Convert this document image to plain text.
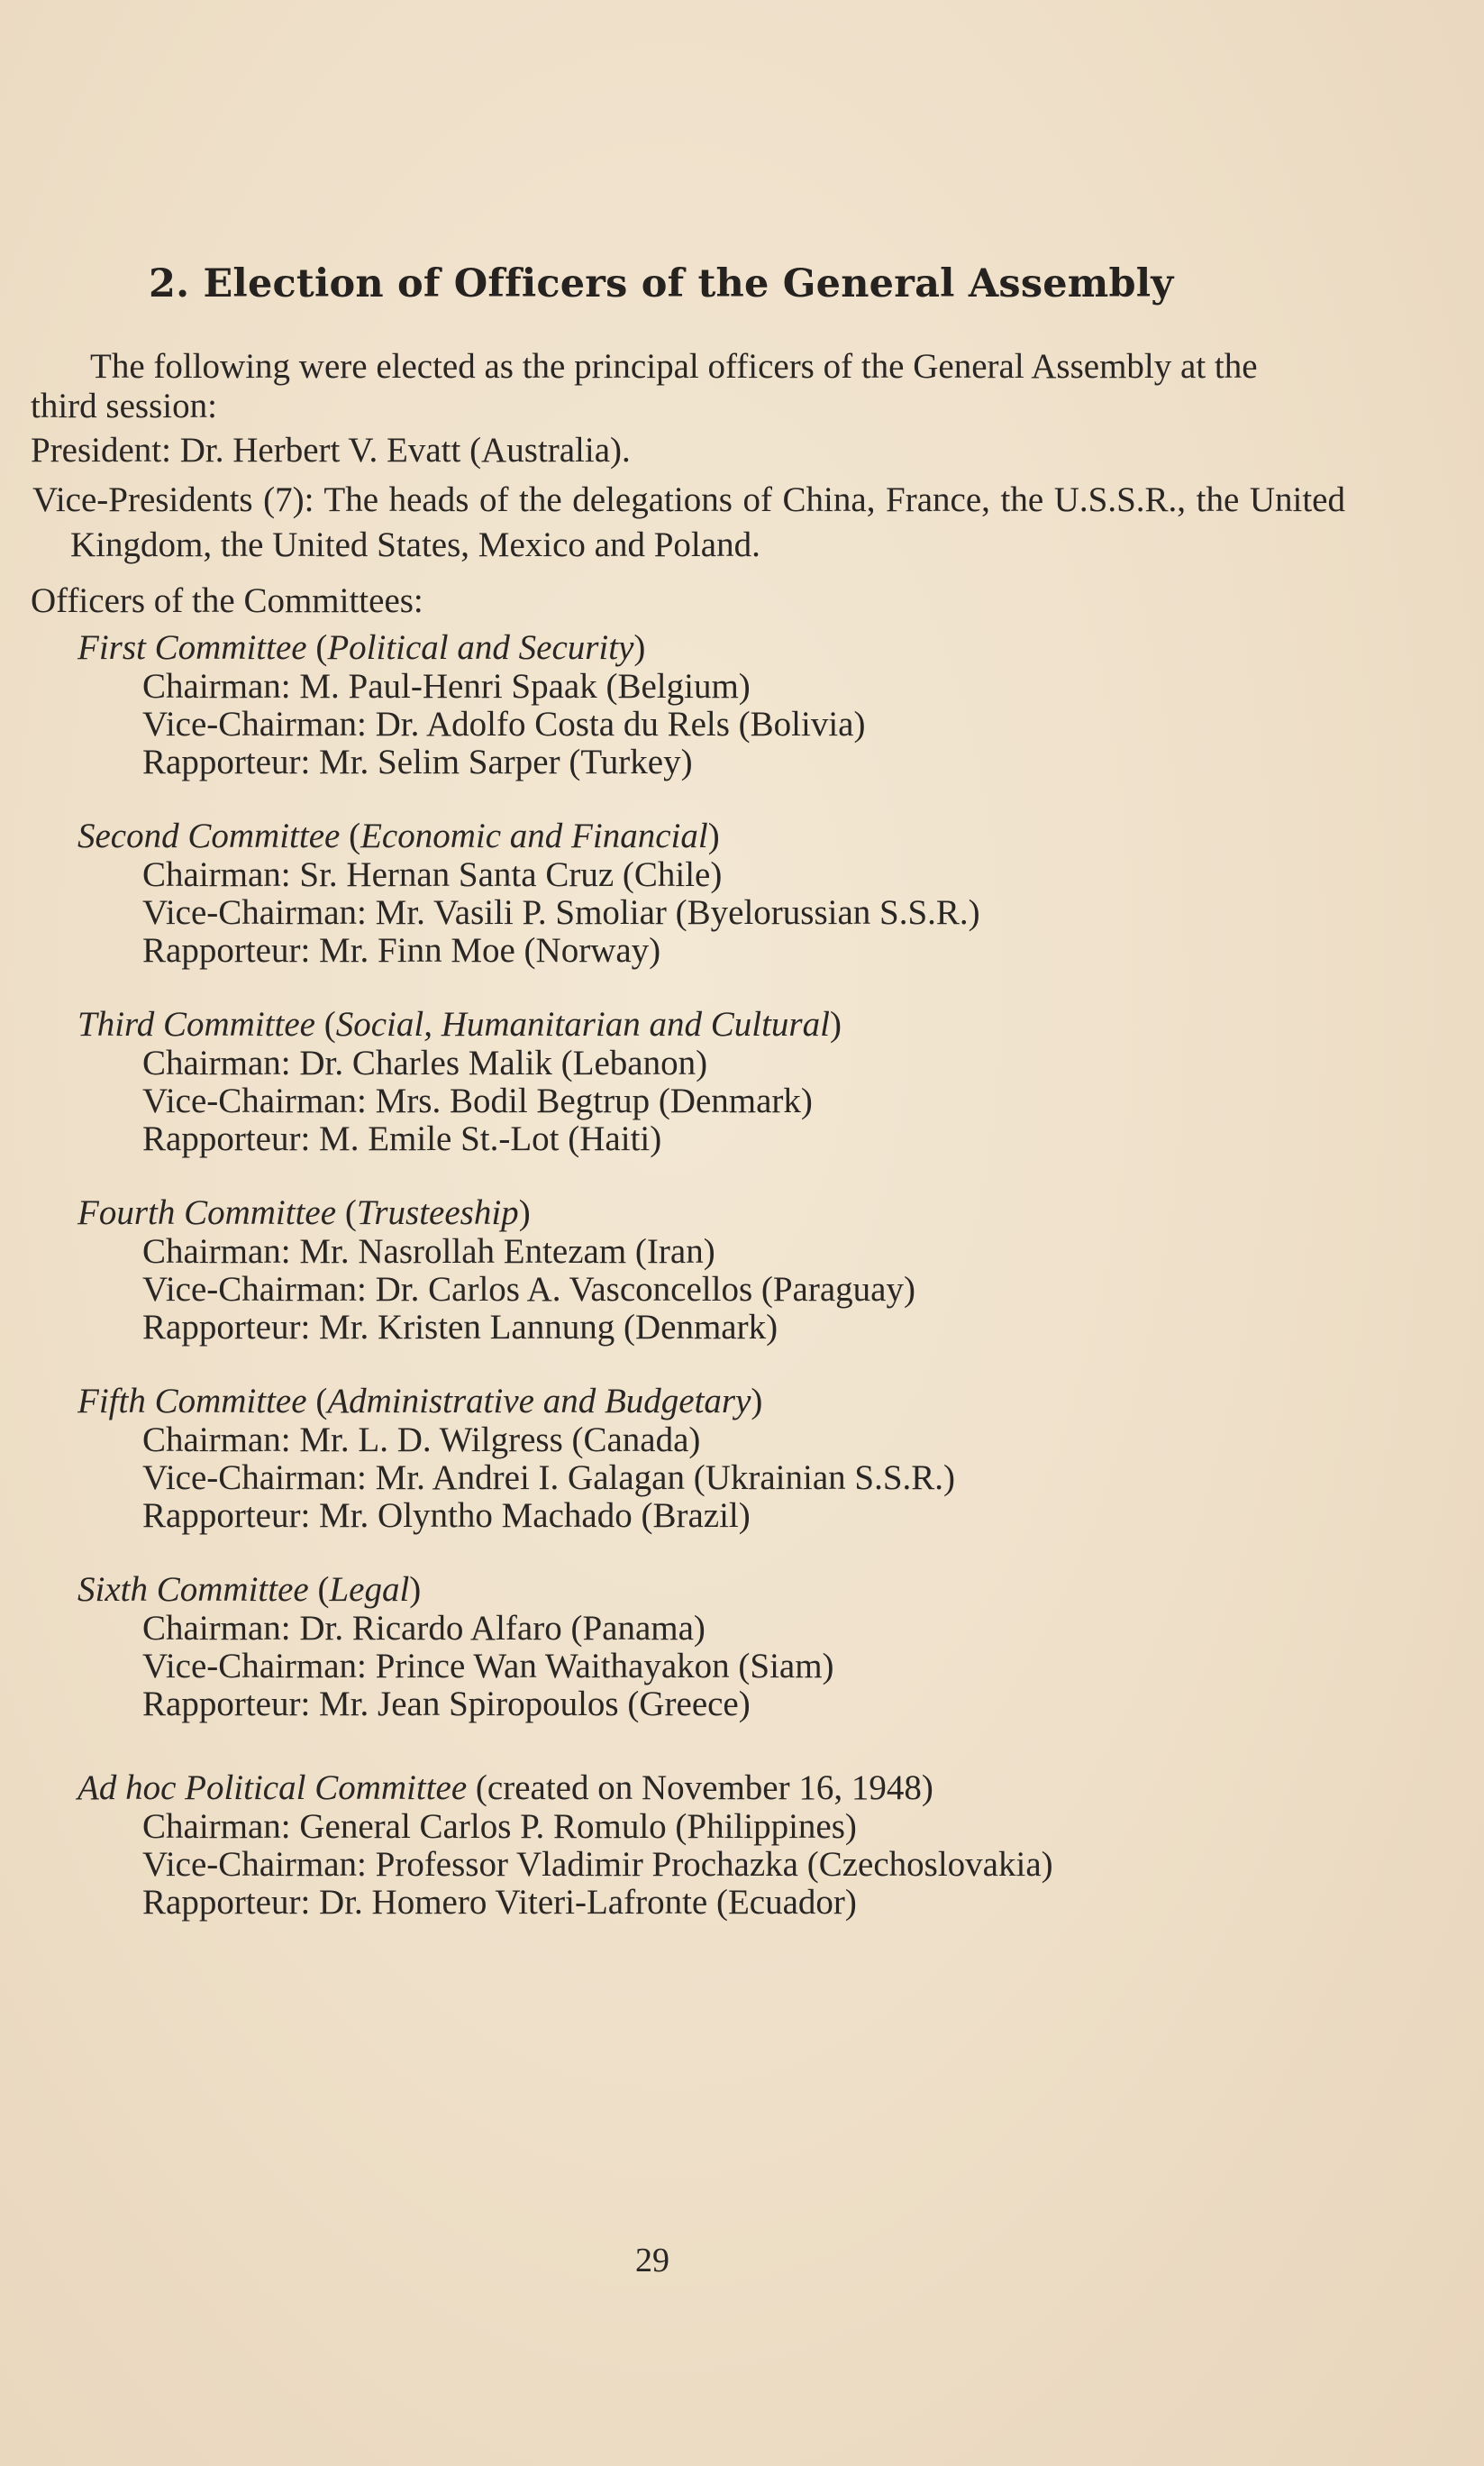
2. Election of Officers of the General Assembly

The following were elected as the principal officers of the General Assembly at the third session:

President: Dr. Herbert V. Evatt (Australia).

Vice-Presidents (7): The heads of the delegations of China, France, the U.S.S.R., the United Kingdom, the United States, Mexico and Poland.

Officers of the Committees:

First Committee (Political and Security)

Chairman: M. Paul-Henri Spaak (Belgium)

Vice-Chairman: Dr. Adolfo Costa du Rels (Bolivia)

Rapporteur: Mr. Selim Sarper (Turkey)

Second Committee (Economic and Financial)

Chairman: Sr. Hernan Santa Cruz (Chile)

Vice-Chairman: Mr. Vasili P. Smoliar (Byelorussian S.S.R.)

Rapporteur: Mr. Finn Moe (Norway)

Third Committee (Social, Humanitarian and Cultural)

Chairman: Dr. Charles Malik (Lebanon)

Vice-Chairman: Mrs. Bodil Begtrup (Denmark)

Rapporteur: M. Emile St.-Lot (Haiti)

Fourth Committee (Trusteeship)

Chairman: Mr. Nasrollah Entezam (Iran)

Vice-Chairman: Dr. Carlos A. Vasconcellos (Paraguay)

Rapporteur: Mr. Kristen Lannung (Denmark)

Fifth Committee (Administrative and Budgetary)

Chairman: Mr. L. D. Wilgress (Canada)

Vice-Chairman: Mr. Andrei I. Galagan (Ukrainian S.S.R.)

Rapporteur: Mr. Olyntho Machado (Brazil)

Sixth Committee (Legal)

Chairman: Dr. Ricardo Alfaro (Panama)

Vice-Chairman: Prince Wan Waithayakon (Siam)

Rapporteur: Mr. Jean Spiropoulos (Greece)

Ad hoc Political Committee (created on November 16, 1948)

Chairman: General Carlos P. Romulo (Philippines)

Vice-Chairman: Professor Vladimir Prochazka (Czechoslovakia)

Rapporteur: Dr. Homero Viteri-Lafronte (Ecuador)

29
